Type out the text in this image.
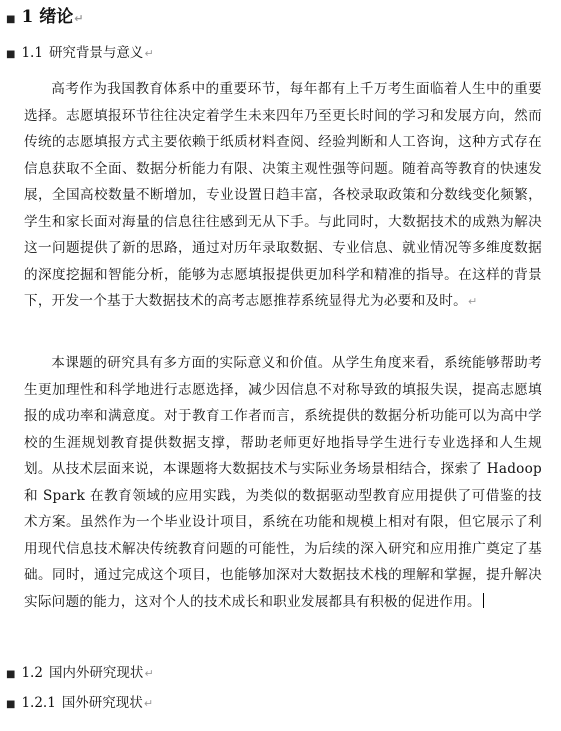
■ 1 绪论 ↵
■ 1.1 研究背景与意义 ↵

高考作为我国教育体系中的重要环节，每年都有上千万考生面临着人生中的重要选择。志愿填报环节往往决定着学生未来四年乃至更长时间的学习和发展方向，然而传统的志愿填报方式主要依赖于纸质材料查阅、经验判断和人工咨询，这种方式存在信息获取不全面、数据分析能力有限、决策主观性强等问题。随着高等教育的快速发展，全国高校数量不断增加，专业设置日趋丰富，各校录取政策和分数线变化频繁，学生和家长面对海量的信息往往感到无从下手。与此同时，大数据技术的成熟为解决这一问题提供了新的思路，通过对历年录取数据、专业信息、就业情况等多维度数据的深度挖掘和智能分析，能够为志愿填报提供更加科学和精准的指导。在这样的背景下，开发一个基于大数据技术的高考志愿推荐系统显得尤为必要和及时。↵

本课题的研究具有多方面的实际意义和价值。从学生角度来看，系统能够帮助考生更加理性和科学地进行志愿选择，减少因信息不对称导致的填报失误，提高志愿填报的成功率和满意度。对于教育工作者而言，系统提供的数据分析功能可以为高中学校的生涯规划教育提供数据支撑，帮助老师更好地指导学生进行专业选择和人生规划。从技术层面来说，本课题将大数据技术与实际业务场景相结合，探索了 Hadoop 和 Spark 在教育领域的应用实践，为类似的数据驱动型教育应用提供了可借鉴的技术方案。虽然作为一个毕业设计项目，系统在功能和规模上相对有限，但它展示了利用现代信息技术解决传统教育问题的可能性，为后续的深入研究和应用推广奠定了基础。同时，通过完成这个项目，也能够加深对大数据技术栈的理解和掌握，提升解决实际问题的能力，这对个人的技术成长和职业发展都具有积极的促进作用。

■ 1.2 国内外研究现状 ↵
■ 1.2.1 国外研究现状 ↵
